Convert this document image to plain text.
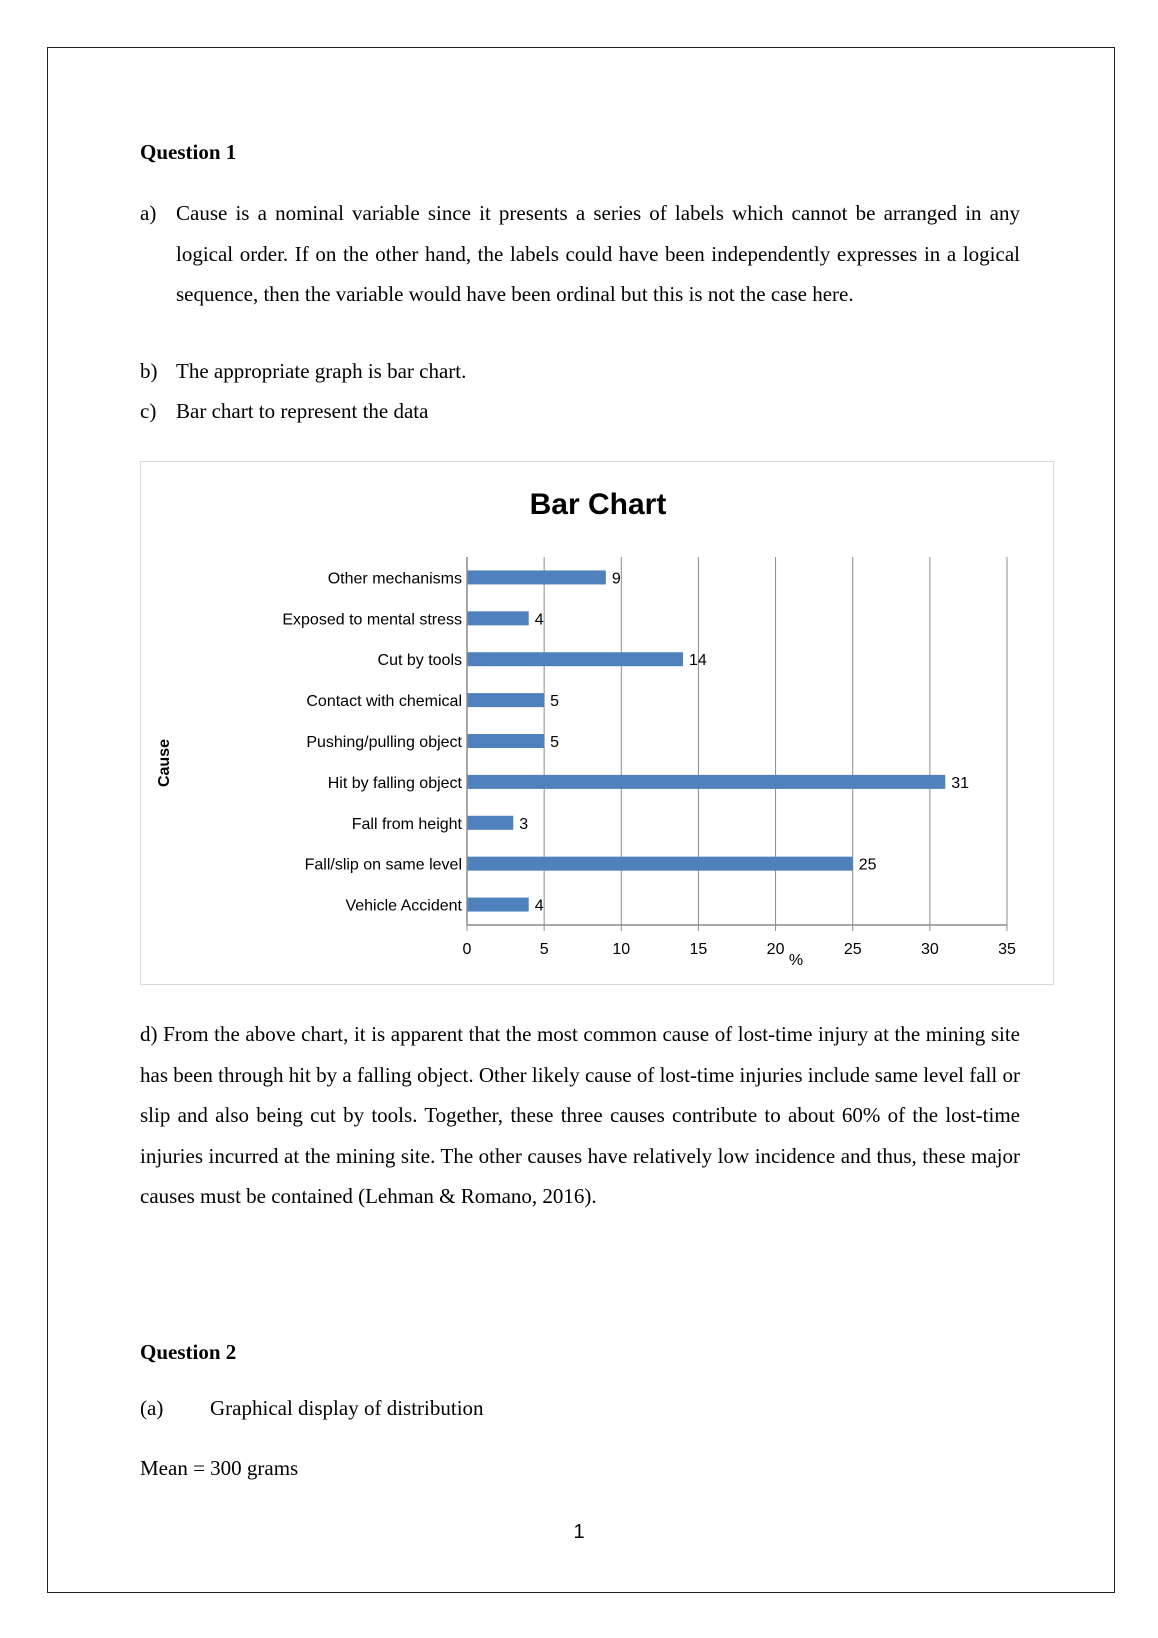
Question 1
a) Cause is a nominal variable since it presents a series of labels which cannot be arranged in any logical order. If on the other hand, the labels could have been independently expresses in a logical sequence, then the variable would have been ordinal but this is not the case here.
b) The appropriate graph is bar chart.
c) Bar chart to represent the data
Bar Chart
Other mechanisms	9
Exposed to mental stress	4
Cut by tools	14
Contact with chemical	5
Pushing/pulling object	5
Hit by falling object	31
Fall from height	3
Fall/slip on same level	25
Vehicle Accident	4
0	5	10	15	20	25	30	35
%
Cause
d) From the above chart, it is apparent that the most common cause of lost-time injury at the mining site has been through hit by a falling object. Other likely cause of lost-time injuries include same level fall or slip and also being cut by tools. Together, these three causes contribute to about 60% of the lost-time injuries incurred at the mining site. The other causes have relatively low incidence and thus, these major causes must be contained (Lehman & Romano, 2016).
Question 2
(a) Graphical display of distribution
Mean = 300 grams
1
